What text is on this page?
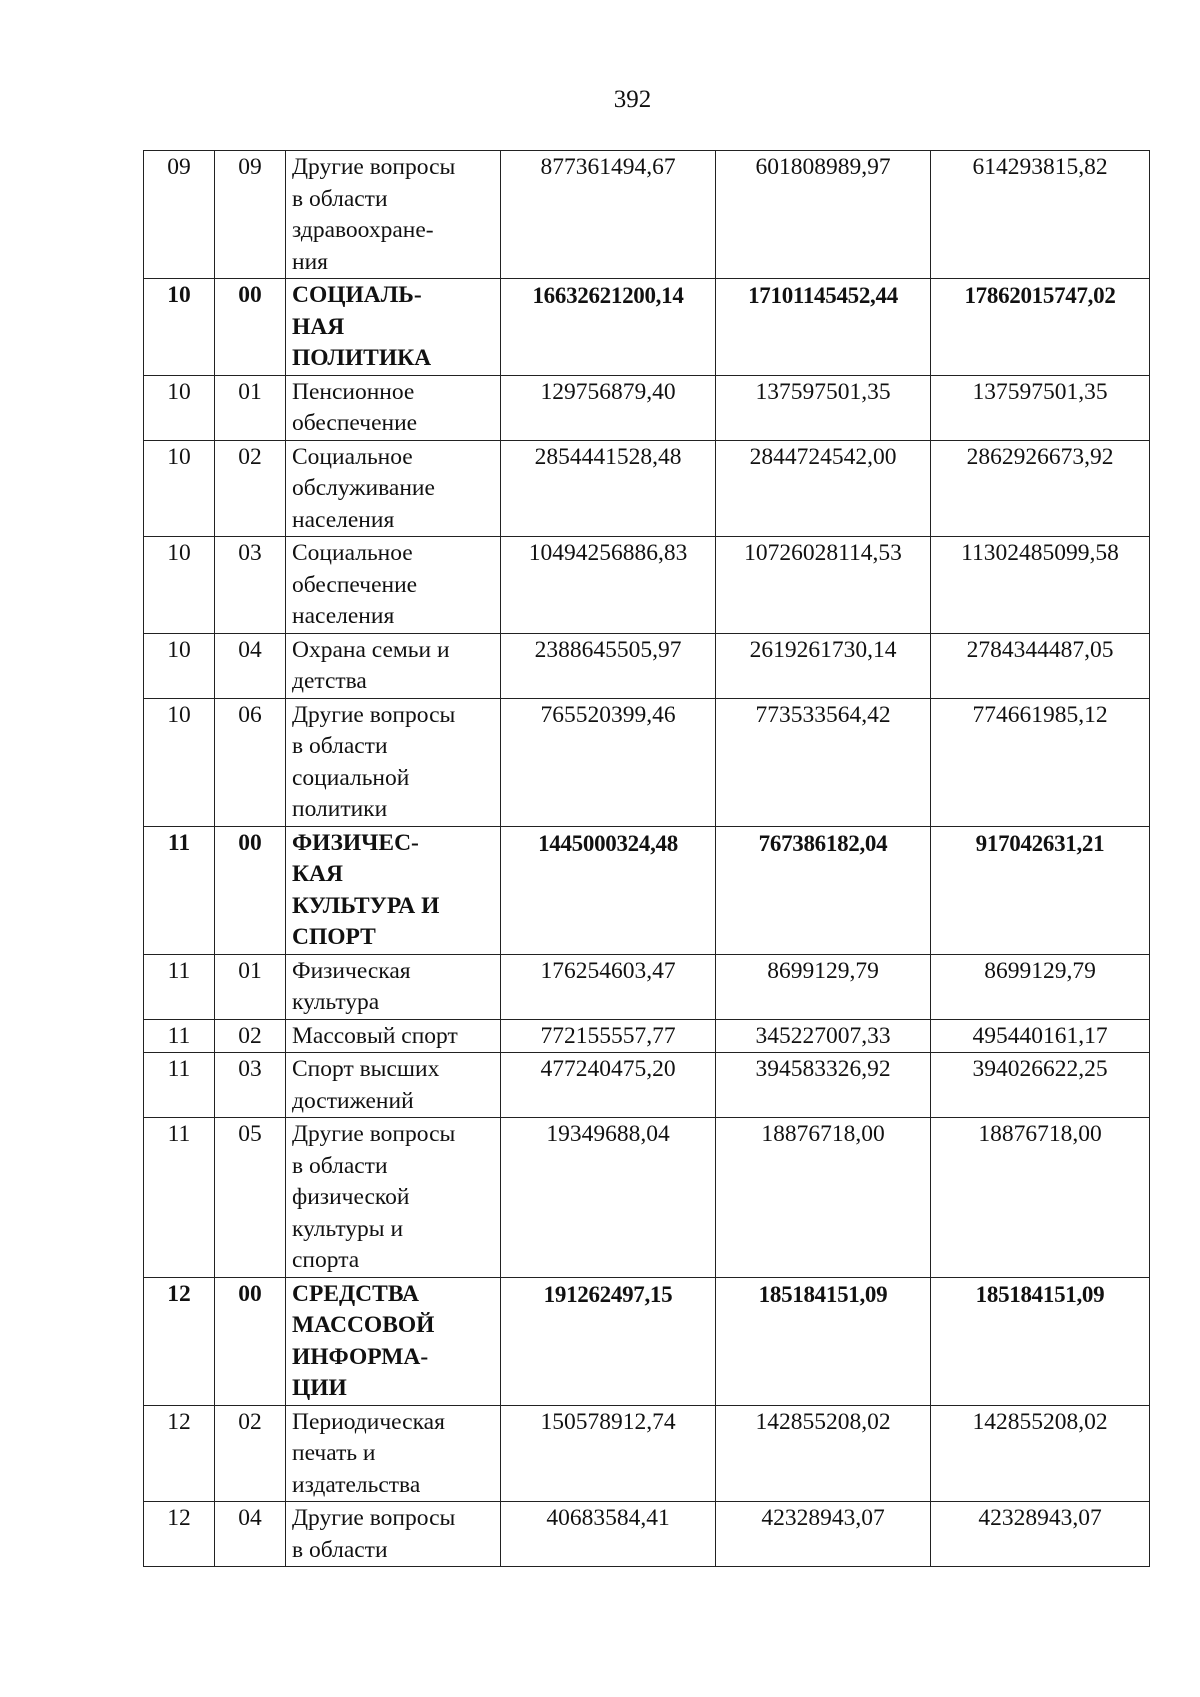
392
09	09	Другие вопросы
в области
здравоохране-
ния	877361494,67	601808989,97	614293815,82
10	00	СОЦИАЛЬ-
НАЯ
ПОЛИТИКА	16632621200,14	17101145452,44	17862015747,02
10	01	Пенсионное
обеспечение	129756879,40	137597501,35	137597501,35
10	02	Социальное
обслуживание
населения	2854441528,48	2844724542,00	2862926673,92
10	03	Социальное
обеспечение
населения	10494256886,83	10726028114,53	11302485099,58
10	04	Охрана семьи и
детства	2388645505,97	2619261730,14	2784344487,05
10	06	Другие вопросы
в области
социальной
политики	765520399,46	773533564,42	774661985,12
11	00	ФИЗИЧЕС-
КАЯ
КУЛЬТУРА И
СПОРТ	1445000324,48	767386182,04	917042631,21
11	01	Физическая
культура	176254603,47	8699129,79	8699129,79
11	02	Массовый спорт	772155557,77	345227007,33	495440161,17
11	03	Спорт высших
достижений	477240475,20	394583326,92	394026622,25
11	05	Другие вопросы
в области
физической
культуры и
спорта	19349688,04	18876718,00	18876718,00
12	00	СРЕДСТВА
МАССОВОЙ
ИНФОРМА-
ЦИИ	191262497,15	185184151,09	185184151,09
12	02	Периодическая
печать и
издательства	150578912,74	142855208,02	142855208,02
12	04	Другие вопросы
в области	40683584,41	42328943,07	42328943,07
